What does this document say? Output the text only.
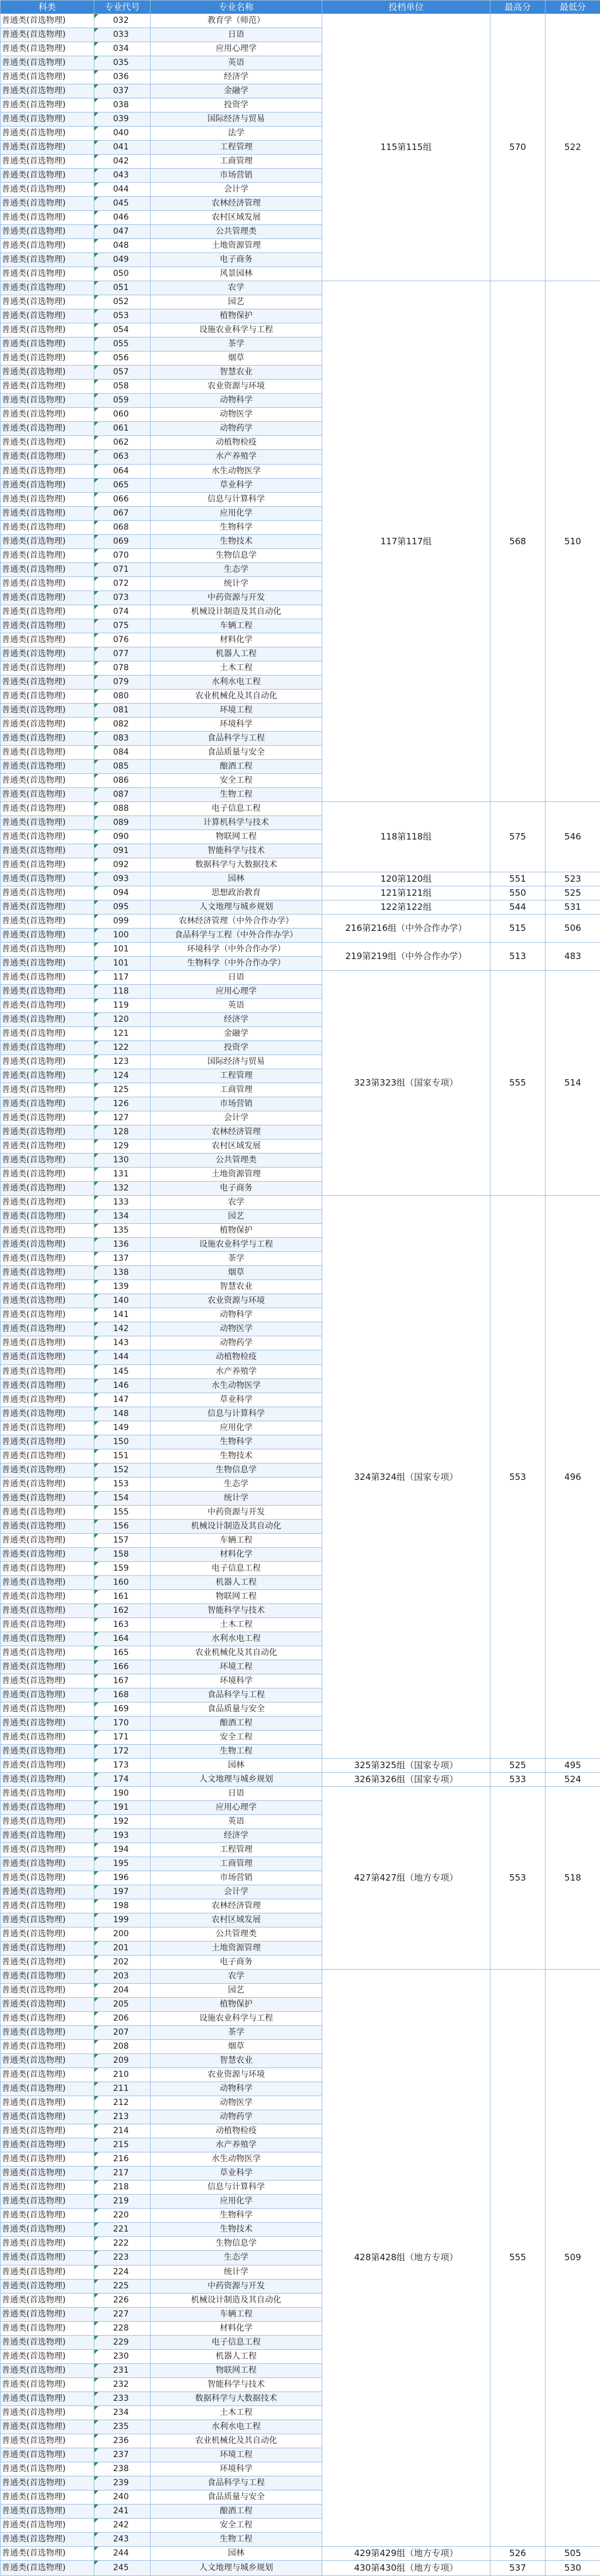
科类	专业代号	专业名称	投档单位	最高分	最低分
普通类(首选物理)	032	教育学（师范）	115第115组	570	522
普通类(首选物理)	033	日语			
普通类(首选物理)	034	应用心理学			
普通类(首选物理)	035	英语			
普通类(首选物理)	036	经济学			
普通类(首选物理)	037	金融学			
普通类(首选物理)	038	投资学			
普通类(首选物理)	039	国际经济与贸易			
普通类(首选物理)	040	法学			
普通类(首选物理)	041	工程管理			
普通类(首选物理)	042	工商管理			
普通类(首选物理)	043	市场营销			
普通类(首选物理)	044	会计学			
普通类(首选物理)	045	农林经济管理			
普通类(首选物理)	046	农村区域发展			
普通类(首选物理)	047	公共管理类			
普通类(首选物理)	048	土地资源管理			
普通类(首选物理)	049	电子商务			
普通类(首选物理)	050	风景园林			
普通类(首选物理)	051	农学	117第117组	568	510
普通类(首选物理)	052	园艺			
普通类(首选物理)	053	植物保护			
普通类(首选物理)	054	设施农业科学与工程			
普通类(首选物理)	055	茶学			
普通类(首选物理)	056	烟草			
普通类(首选物理)	057	智慧农业			
普通类(首选物理)	058	农业资源与环境			
普通类(首选物理)	059	动物科学			
普通类(首选物理)	060	动物医学			
普通类(首选物理)	061	动物药学			
普通类(首选物理)	062	动植物检疫			
普通类(首选物理)	063	水产养殖学			
普通类(首选物理)	064	水生动物医学			
普通类(首选物理)	065	草业科学			
普通类(首选物理)	066	信息与计算科学			
普通类(首选物理)	067	应用化学			
普通类(首选物理)	068	生物科学			
普通类(首选物理)	069	生物技术			
普通类(首选物理)	070	生物信息学			
普通类(首选物理)	071	生态学			
普通类(首选物理)	072	统计学			
普通类(首选物理)	073	中药资源与开发			
普通类(首选物理)	074	机械设计制造及其自动化			
普通类(首选物理)	075	车辆工程			
普通类(首选物理)	076	材料化学			
普通类(首选物理)	077	机器人工程			
普通类(首选物理)	078	土木工程			
普通类(首选物理)	079	水利水电工程			
普通类(首选物理)	080	农业机械化及其自动化			
普通类(首选物理)	081	环境工程			
普通类(首选物理)	082	环境科学			
普通类(首选物理)	083	食品科学与工程			
普通类(首选物理)	084	食品质量与安全			
普通类(首选物理)	085	酿酒工程			
普通类(首选物理)	086	安全工程			
普通类(首选物理)	087	生物工程			
普通类(首选物理)	088	电子信息工程	118第118组	575	546
普通类(首选物理)	089	计算机科学与技术			
普通类(首选物理)	090	物联网工程			
普通类(首选物理)	091	智能科学与技术			
普通类(首选物理)	092	数据科学与大数据技术			
普通类(首选物理)	093	园林	120第120组	551	523
普通类(首选物理)	094	思想政治教育	121第121组	550	525
普通类(首选物理)	095	人文地理与城乡规划	122第122组	544	531
普通类(首选物理)	099	农林经济管理（中外合作办学）	216第216组（中外合作办学）	515	506
普通类(首选物理)	100	食品科学与工程（中外合作办学）			
普通类(首选物理)	101	环境科学（中外合作办学）	219第219组（中外合作办学）	513	483
普通类(首选物理)	101	生物科学（中外合作办学）			
普通类(首选物理)	117	日语	323第323组（国家专项）	555	514
普通类(首选物理)	118	应用心理学			
普通类(首选物理)	119	英语			
普通类(首选物理)	120	经济学			
普通类(首选物理)	121	金融学			
普通类(首选物理)	122	投资学			
普通类(首选物理)	123	国际经济与贸易			
普通类(首选物理)	124	工程管理			
普通类(首选物理)	125	工商管理			
普通类(首选物理)	126	市场营销			
普通类(首选物理)	127	会计学			
普通类(首选物理)	128	农林经济管理			
普通类(首选物理)	129	农村区域发展			
普通类(首选物理)	130	公共管理类			
普通类(首选物理)	131	土地资源管理			
普通类(首选物理)	132	电子商务			
普通类(首选物理)	133	农学	324第324组（国家专项）	553	496
普通类(首选物理)	134	园艺			
普通类(首选物理)	135	植物保护			
普通类(首选物理)	136	设施农业科学与工程			
普通类(首选物理)	137	茶学			
普通类(首选物理)	138	烟草			
普通类(首选物理)	139	智慧农业			
普通类(首选物理)	140	农业资源与环境			
普通类(首选物理)	141	动物科学			
普通类(首选物理)	142	动物医学			
普通类(首选物理)	143	动物药学			
普通类(首选物理)	144	动植物检疫			
普通类(首选物理)	145	水产养殖学			
普通类(首选物理)	146	水生动物医学			
普通类(首选物理)	147	草业科学			
普通类(首选物理)	148	信息与计算科学			
普通类(首选物理)	149	应用化学			
普通类(首选物理)	150	生物科学			
普通类(首选物理)	151	生物技术			
普通类(首选物理)	152	生物信息学			
普通类(首选物理)	153	生态学			
普通类(首选物理)	154	统计学			
普通类(首选物理)	155	中药资源与开发			
普通类(首选物理)	156	机械设计制造及其自动化			
普通类(首选物理)	157	车辆工程			
普通类(首选物理)	158	材料化学			
普通类(首选物理)	159	电子信息工程			
普通类(首选物理)	160	机器人工程			
普通类(首选物理)	161	物联网工程			
普通类(首选物理)	162	智能科学与技术			
普通类(首选物理)	163	土木工程			
普通类(首选物理)	164	水利水电工程			
普通类(首选物理)	165	农业机械化及其自动化			
普通类(首选物理)	166	环境工程			
普通类(首选物理)	167	环境科学			
普通类(首选物理)	168	食品科学与工程			
普通类(首选物理)	169	食品质量与安全			
普通类(首选物理)	170	酿酒工程			
普通类(首选物理)	171	安全工程			
普通类(首选物理)	172	生物工程			
普通类(首选物理)	173	园林	325第325组（国家专项）	525	495
普通类(首选物理)	174	人文地理与城乡规划	326第326组（国家专项）	533	524
普通类(首选物理)	190	日语	427第427组（地方专项）	553	518
普通类(首选物理)	191	应用心理学			
普通类(首选物理)	192	英语			
普通类(首选物理)	193	经济学			
普通类(首选物理)	194	工程管理			
普通类(首选物理)	195	工商管理			
普通类(首选物理)	196	市场营销			
普通类(首选物理)	197	会计学			
普通类(首选物理)	198	农林经济管理			
普通类(首选物理)	199	农村区域发展			
普通类(首选物理)	200	公共管理类			
普通类(首选物理)	201	土地资源管理			
普通类(首选物理)	202	电子商务			
普通类(首选物理)	203	农学	428第428组（地方专项）	555	509
普通类(首选物理)	204	园艺			
普通类(首选物理)	205	植物保护			
普通类(首选物理)	206	设施农业科学与工程			
普通类(首选物理)	207	茶学			
普通类(首选物理)	208	烟草			
普通类(首选物理)	209	智慧农业			
普通类(首选物理)	210	农业资源与环境			
普通类(首选物理)	211	动物科学			
普通类(首选物理)	212	动物医学			
普通类(首选物理)	213	动物药学			
普通类(首选物理)	214	动植物检疫			
普通类(首选物理)	215	水产养殖学			
普通类(首选物理)	216	水生动物医学			
普通类(首选物理)	217	草业科学			
普通类(首选物理)	218	信息与计算科学			
普通类(首选物理)	219	应用化学			
普通类(首选物理)	220	生物科学			
普通类(首选物理)	221	生物技术			
普通类(首选物理)	222	生物信息学			
普通类(首选物理)	223	生态学			
普通类(首选物理)	224	统计学			
普通类(首选物理)	225	中药资源与开发			
普通类(首选物理)	226	机械设计制造及其自动化			
普通类(首选物理)	227	车辆工程			
普通类(首选物理)	228	材料化学			
普通类(首选物理)	229	电子信息工程			
普通类(首选物理)	230	机器人工程			
普通类(首选物理)	231	物联网工程			
普通类(首选物理)	232	智能科学与技术			
普通类(首选物理)	233	数据科学与大数据技术			
普通类(首选物理)	234	土木工程			
普通类(首选物理)	235	水利水电工程			
普通类(首选物理)	236	农业机械化及其自动化			
普通类(首选物理)	237	环境工程			
普通类(首选物理)	238	环境科学			
普通类(首选物理)	239	食品科学与工程			
普通类(首选物理)	240	食品质量与安全			
普通类(首选物理)	241	酿酒工程			
普通类(首选物理)	242	安全工程			
普通类(首选物理)	243	生物工程			
普通类(首选物理)	244	园林	429第429组（地方专项）	526	505
普通类(首选物理)	245	人文地理与城乡规划	430第430组（地方专项）	537	530
